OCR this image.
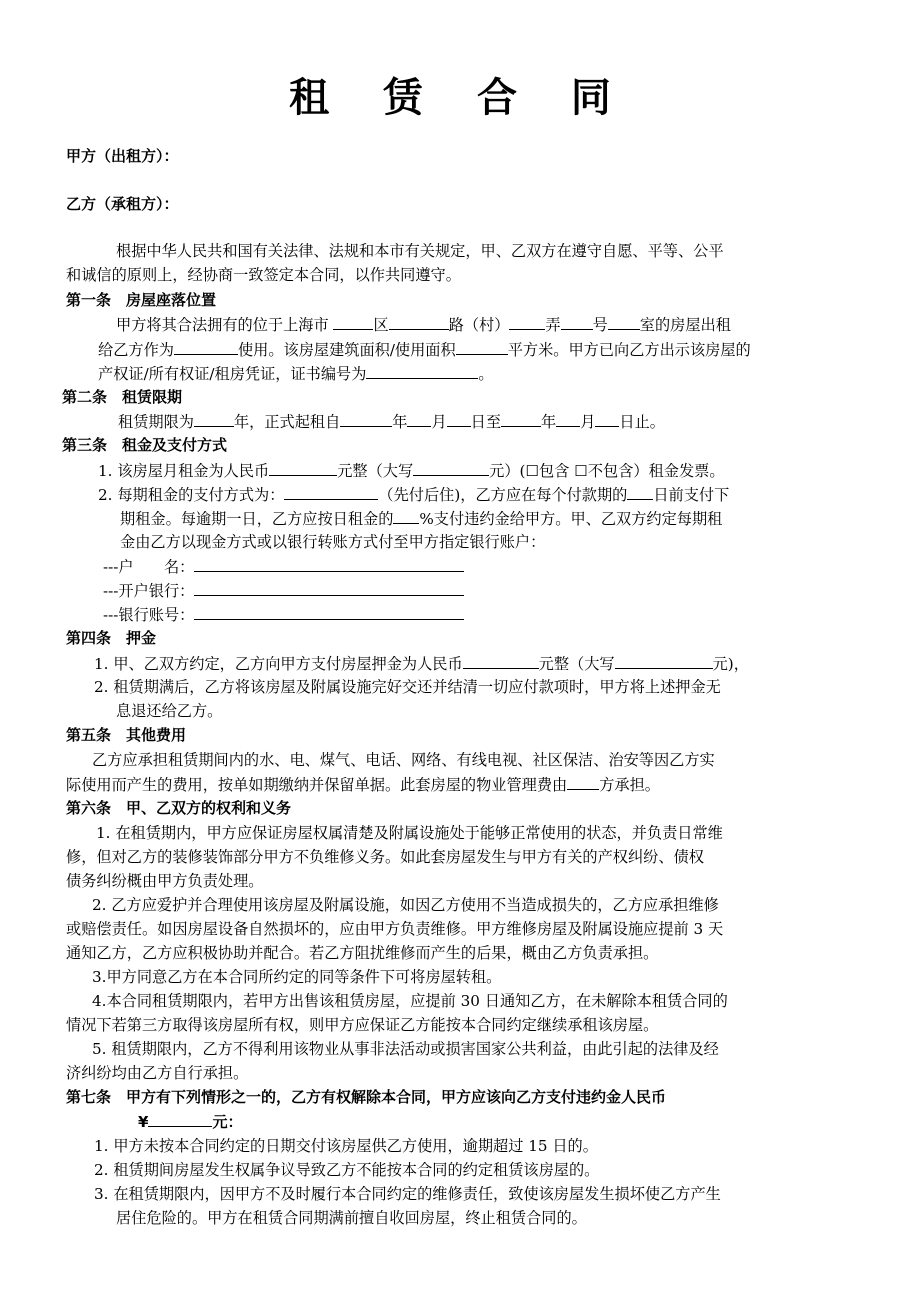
租 赁 合 同
甲方（出租方）：
乙方（承租方）：
根据中华人民共和国有关法律、法规和本市有关规定，甲、乙双方在遵守自愿、平等、公平
和诚信的原则上，经协商一致签定本合同，以作共同遵守。
第一条　房屋座落位置
甲方将其合法拥有的位于上海市	区	路（村） 弄 号 室的房屋出租
给乙方作为	使用。该房屋建筑面积/使用面积	平方米。甲方已向乙方出示该房屋的
产权证/所有权证/租房凭证，证书编号为	。
第二条　租赁限期
租赁期限为	年，正式起租自	年 月 日至	年 月 日止。
第三条　租金及支付方式
1. 该房屋月租金为人民币	元整（大写	元）(☐包含 ☐不包含）租金发票。
2. 每期租金的支付方式为：	（先付后住)，乙方应在每个付款期的 日前支付下
期租金。每逾期一日，乙方应按日租金的 %支付违约金给甲方。甲、乙双方约定每期租
金由乙方以现金方式或以银行转账方式付至甲方指定银行账户：
---户　　名：
---开户银行：
---银行账号：
第四条　押金
1. 甲、乙双方约定，乙方向甲方支付房屋押金为人民币	元整（大写	元)，
2. 租赁期满后，乙方将该房屋及附属设施完好交还并结清一切应付款项时，甲方将上述押金无
息退还给乙方。
第五条　其他费用
乙方应承担租赁期间内的水、电、煤气、电话、网络、有线电视、社区保洁、治安等因乙方实
际使用而产生的费用，按单如期缴纳并保留单据。此套房屋的物业管理费由 方承担。
第六条　甲、乙双方的权利和义务
1. 在租赁期内，甲方应保证房屋权属清楚及附属设施处于能够正常使用的状态，并负责日常维
修，但对乙方的装修装饰部分甲方不负维修义务。如此套房屋发生与甲方有关的产权纠纷、债权
债务纠纷概由甲方负责处理。
2. 乙方应爱护并合理使用该房屋及附属设施，如因乙方使用不当造成损失的，乙方应承担维修
或赔偿责任。如因房屋设备自然损坏的，应由甲方负责维修。甲方维修房屋及附属设施应提前 3 天
通知乙方，乙方应积极协助并配合。若乙方阻扰维修而产生的后果，概由乙方负责承担。
3.甲方同意乙方在本合同所约定的同等条件下可将房屋转租。
4.本合同租赁期限内，若甲方出售该租赁房屋，应提前 30 日通知乙方，在未解除本租赁合同的
情况下若第三方取得该房屋所有权，则甲方应保证乙方能按本合同约定继续承租该房屋。
5. 租赁期限内，乙方不得利用该物业从事非法活动或损害国家公共利益，由此引起的法律及经
济纠纷均由乙方自行承担。
第七条　甲方有下列情形之一的，乙方有权解除本合同，甲方应该向乙方支付违约金人民币
¥	元：
1. 甲方未按本合同约定的日期交付该房屋供乙方使用，逾期超过 15 日的。
2. 租赁期间房屋发生权属争议导致乙方不能按本合同的约定租赁该房屋的。
3. 在租赁期限内，因甲方不及时履行本合同约定的维修责任，致使该房屋发生损坏使乙方产生
居住危险的。甲方在租赁合同期满前擅自收回房屋，终止租赁合同的。
